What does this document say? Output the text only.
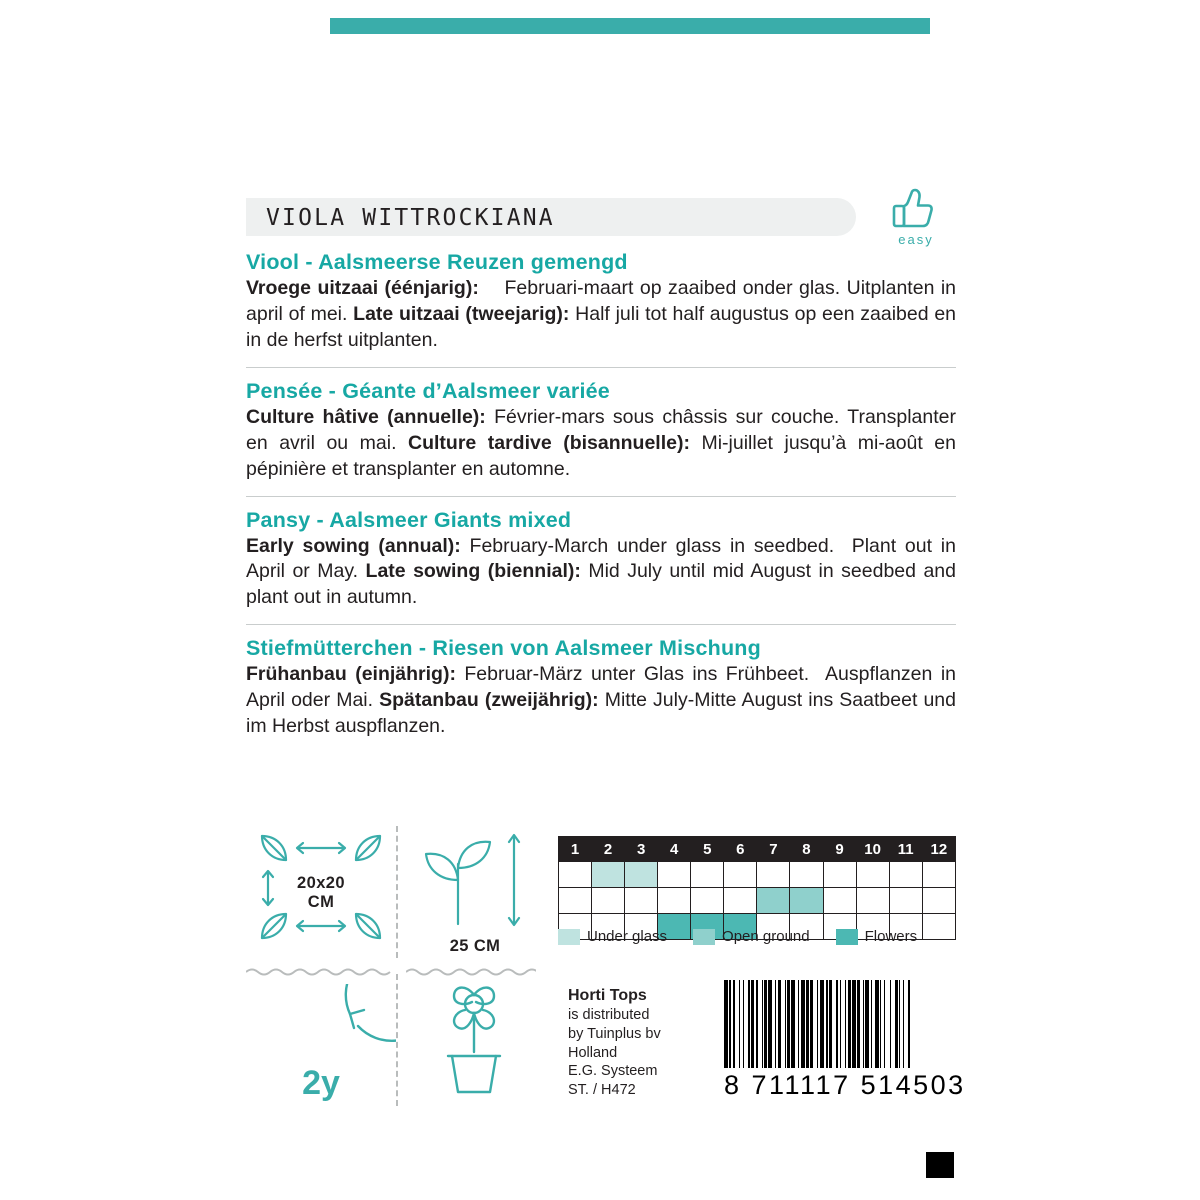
VIOLA WITTROCKIANA
easy
Viool - Aalsmeerse Reuzen gemengd
Vroege uitzaai (éénjarig):    Februari-maart op zaaibed onder glas. Uitplanten in april of mei. Late uitzaai (tweejarig): Half juli tot half augustus op een zaaibed en in de herfst uitplanten.
Pensée - Géante d’Aalsmeer variée
Culture hâtive (annuelle): Février-mars sous châssis sur couche. Transplanter en avril ou mai. Culture tardive (bisannuelle): Mi-juillet jusqu’à mi-août en pépinière et transplanter en automne.
Pansy - Aalsmeer Giants mixed
Early sowing (annual): February-March under glass in seedbed.  Plant out in April or May. Late sowing (biennial): Mid July until mid August in seedbed and plant out in autumn.
Stiefmütterchen - Riesen von Aalsmeer Mischung
Frühanbau (einjährig): Februar-März unter Glas ins Frühbeet.  Auspflanzen in April oder Mai. Spätanbau (zweijährig): Mitte July-Mitte August ins Saatbeet und im Herbst auspflanzen.
20x20
CM
25 CM
2y
1	2	3	4	5	6	7	8	9	10	11	12

Under glass	Open ground	Flowers
Horti Tops
is distributed
by Tuinplus bv
Holland
E.G. Systeem
ST. / H472	8 711117 514503
